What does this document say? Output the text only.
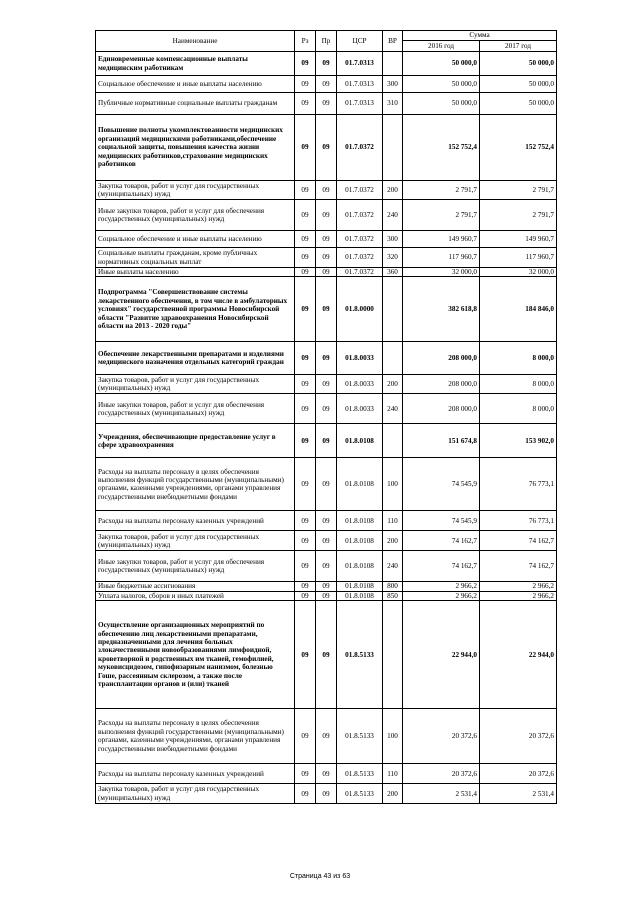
Наименование	Рз	Пр	ЦСР	ВР	Сумма	
					2016 год	2017 год
Единовременные компенсационные выплаты медицинским работникам	09	09	01.7.0313		50 000,0	50 000,0
Социальное обеспечение и иные выплаты населению	09	09	01.7.0313	300	50 000,0	50 000,0
Публичные нормативные социальные выплаты гражданам	09	09	01.7.0313	310	50 000,0	50 000,0
Повышение полноты укомплектованности медицинских организаций медицинскими работниками,обеспечение социальной защиты, повышения качества жизни медицинских работников,страхование медицинских работников	09	09	01.7.0372		152 752,4	152 752,4
Закупка товаров, работ и услуг для государственных (муниципальных) нужд	09	09	01.7.0372	200	2 791,7	2 791,7
Иные закупки товаров, работ и услуг для обеспечения государственных (муниципальных) нужд	09	09	01.7.0372	240	2 791,7	2 791,7
Социальное обеспечение и иные выплаты населению	09	09	01.7.0372	300	149 960,7	149 960,7
Социальные выплаты гражданам, кроме публичных нормативных социальных выплат	09	09	01.7.0372	320	117 960,7	117 960,7
Иные выплаты населению	09	09	01.7.0372	360	32 000,0	32 000,0
Подпрограмма "Совершенствование системы лекарственного обеспечения, в том числе в амбулаторных условиях" государственной программы Новосибирской области "Развитие здравоохранения Новосибирской области на 2013 - 2020 годы"	09	09	01.8.0000		382 618,8	184 846,0
Обеспечение лекарственными препаратами и изделиями медицинского назначения отдельных категорий граждан	09	09	01.8.0033		208 000,0	8 000,0
Закупка товаров, работ и услуг для государственных (муниципальных) нужд	09	09	01.8.0033	200	208 000,0	8 000,0
Иные закупки товаров, работ и услуг для обеспечения государственных (муниципальных) нужд	09	09	01.8.0033	240	208 000,0	8 000,0
Учреждения, обеспечивающие предоставление услуг в сфере здравоохранения	09	09	01.8.0108		151 674,8	153 902,0
Расходы на выплаты персоналу в целях обеспечения выполнения функций государственными (муниципальными) органами, казенными учреждениями, органами управления государственными внебюджетными фондами	09	09	01.8.0108	100	74 545,9	76 773,1
Расходы на выплаты персоналу казенных учреждений	09	09	01.8.0108	110	74 545,9	76 773,1
Закупка товаров, работ и услуг для государственных (муниципальных) нужд	09	09	01.8.0108	200	74 162,7	74 162,7
Иные закупки товаров, работ и услуг для обеспечения государственных (муниципальных) нужд	09	09	01.8.0108	240	74 162,7	74 162,7
Иные бюджетные ассигнования	09	09	01.8.0108	800	2 966,2	2 966,2
Уплата налогов, сборов и иных платежей	09	09	01.8.0108	850	2 966,2	2 966,2
Осуществление организационных мероприятий по обеспечению лиц лекарственными препаратами, предназначенными для лечения больных злокачественными новообразованиями лимфоидной, кроветворной и родственных им тканей, гемофилией, муковисцидозом, гипофизарным нанизмом, болезнью Гоше, рассеянным склерозом, а также после трансплантации органов и (или) тканей	09	09	01.8.5133		22 944,0	22 944,0
Расходы на выплаты персоналу в целях обеспечения выполнения функций государственными (муниципальными) органами, казенными учреждениями, органами управления государственными внебюджетными фондами	09	09	01.8.5133	100	20 372,6	20 372,6
Расходы на выплаты персоналу казенных учреждений	09	09	01.8.5133	110	20 372,6	20 372,6
Закупка товаров, работ и услуг для государственных (муниципальных) нужд	09	09	01.8.5133	200	2 531,4	2 531,4
Страница 43 из 63
